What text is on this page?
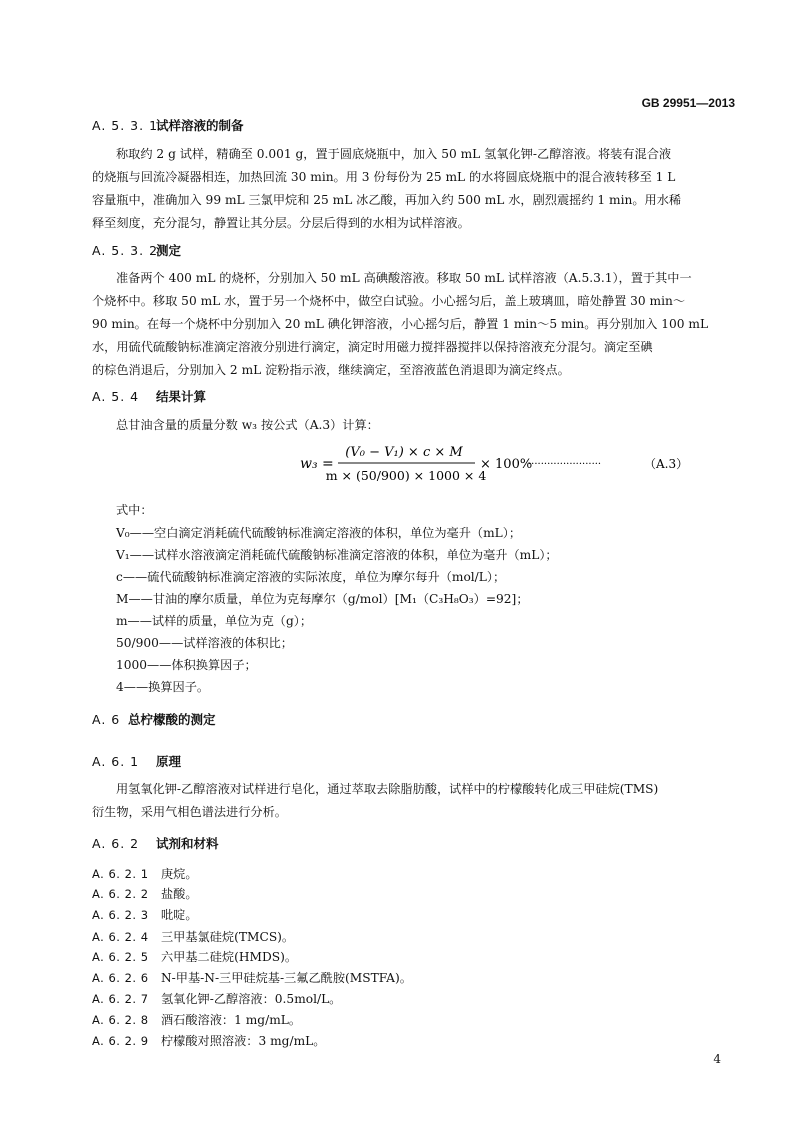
GB 29951—2013
A. 5. 3. 1试样溶液的制备
称取约 2 g 试样，精确至 0.001 g，置于圆底烧瓶中，加入 50 mL 氢氧化钾-乙醇溶液。将装有混合液
的烧瓶与回流冷凝器相连，加热回流 30 min。用 3 份每份为 25 mL 的水将圆底烧瓶中的混合液转移至 1 L
容量瓶中，准确加入 99 mL 三氯甲烷和 25 mL 冰乙酸，再加入约 500 mL 水，剧烈震摇约 1 min。用水稀
释至刻度，充分混匀，静置让其分层。分层后得到的水相为试样溶液。
A. 5. 3. 2测定
准备两个 400 mL 的烧杯，分别加入 50 mL 高碘酸溶液。移取 50 mL 试样溶液（A.5.3.1），置于其中一
个烧杯中。移取 50 mL 水，置于另一个烧杯中，做空白试验。小心摇匀后，盖上玻璃皿，暗处静置 30 min～
90 min。在每一个烧杯中分别加入 20 mL 碘化钾溶液，小心摇匀后，静置 1 min～5 min。再分别加入 100 mL
水，用硫代硫酸钠标准滴定溶液分别进行滴定，滴定时用磁力搅拌器搅拌以保持溶液充分混匀。滴定至碘
的棕色消退后，分别加入 2 mL 淀粉指示液，继续滴定，至溶液蓝色消退即为滴定终点。
A. 5. 4 结果计算
总甘油含量的质量分数 w₃ 按公式（A.3）计算：
w₃ =
(V₀ − V₁) × c × M
m × (50/900) × 1000 × 4
× 100%
·······················	（A.3）
式中：
V₀——空白滴定消耗硫代硫酸钠标准滴定溶液的体积，单位为毫升（mL）；
V₁——试样水溶液滴定消耗硫代硫酸钠标准滴定溶液的体积，单位为毫升（mL）；
c——硫代硫酸钠标准滴定溶液的实际浓度，单位为摩尔每升（mol/L）；
M——甘油的摩尔质量，单位为克每摩尔（g/mol）[M₁（C₃H₈O₃）=92]；
m——试样的质量，单位为克（g）；
50/900——试样溶液的体积比；
1000——体积换算因子；
4——换算因子。
A. 6 总柠檬酸的测定
A. 6. 1 原理
用氢氧化钾-乙醇溶液对试样进行皂化，通过萃取去除脂肪酸，试样中的柠檬酸转化成三甲硅烷(TMS)
衍生物，采用气相色谱法进行分析。
A. 6. 2 试剂和材料
A. 6. 2. 1 庚烷。
A. 6. 2. 2 盐酸。
A. 6. 2. 3 吡啶。
A. 6. 2. 4 三甲基氯硅烷(TMCS)。
A. 6. 2. 5 六甲基二硅烷(HMDS)。
A. 6. 2. 6 N-甲基-N-三甲硅烷基-三氟乙酰胺(MSTFA)。
A. 6. 2. 7 氢氧化钾-乙醇溶液：0.5mol/L。
A. 6. 2. 8 酒石酸溶液：1 mg/mL。
A. 6. 2. 9 柠檬酸对照溶液：3 mg/mL。
4
